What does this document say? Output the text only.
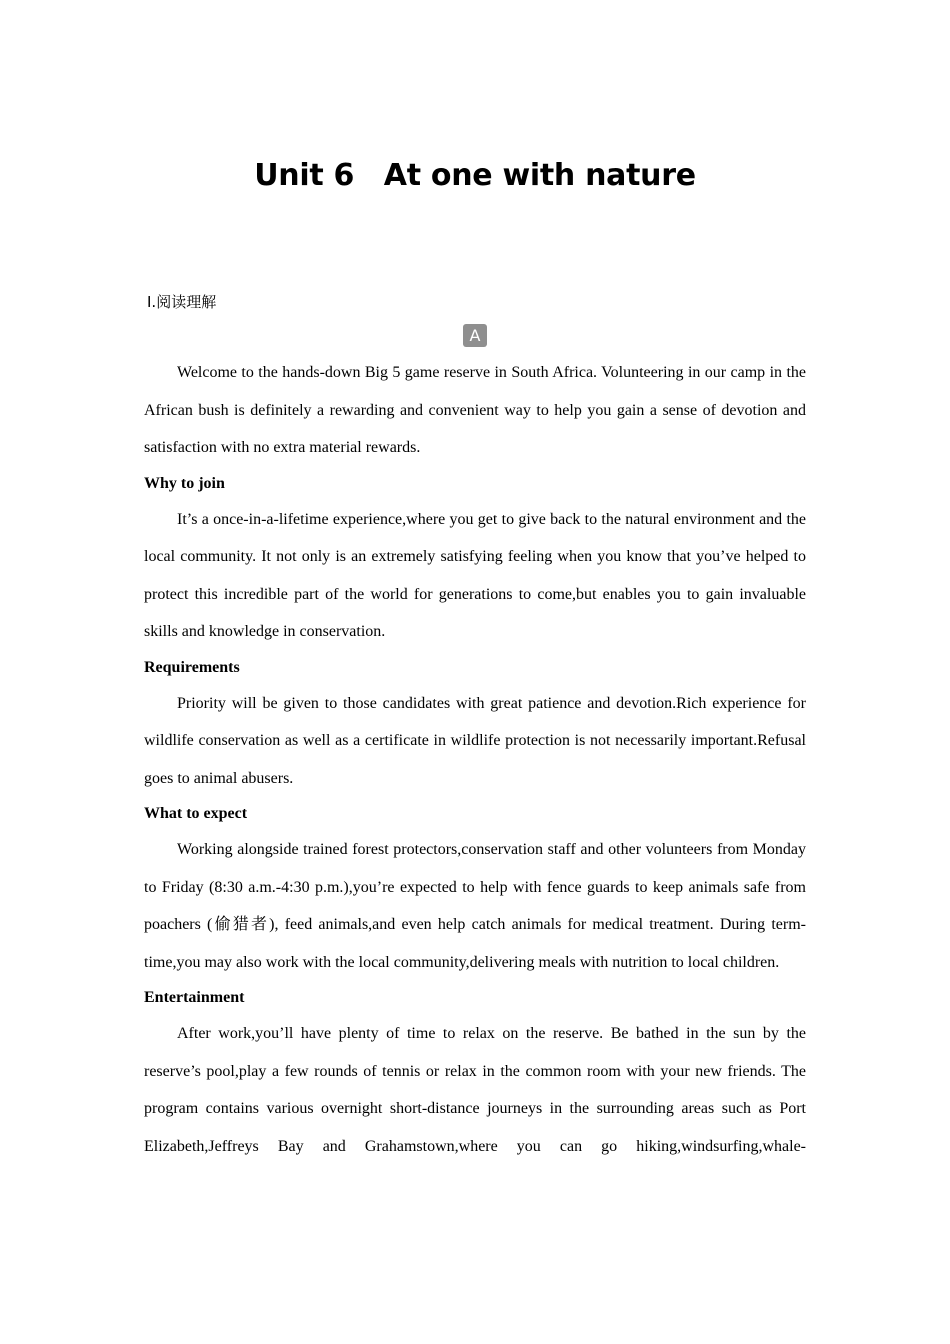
Unit 6　At one with nature
Ⅰ.阅读理解
A

Welcome to the hands-down Big 5 game reserve in South Africa. Volunteering in our camp in the African bush is definitely a rewarding and convenient way to help you gain a sense of devotion and satisfaction with no extra material rewards.

Why to join

It’s a once-in-a-lifetime experience,where you get to give back to the natural environment and the local community. It not only is an extremely satisfying feeling when you know that you’ve helped to protect this incredible part of the world for generations to come,but enables you to gain invaluable skills and knowledge in conservation.

Requirements

Priority will be given to those candidates with great patience and devotion.Rich experience for wildlife conservation as well as a certificate in wildlife protection is not necessarily important.Refusal goes to animal abusers.

What to expect

Working alongside trained forest protectors,conservation staff and other volunteers from Monday to Friday (8:30 a.m.-4:30 p.m.),you’re expected to help with fence guards to keep animals safe from poachers (偷猎者), feed animals,and even help catch animals for medical treatment. During term-time,you may also work with the local community,delivering meals with nutrition to local children.

Entertainment

After work,you’ll have plenty of time to relax on the reserve. Be bathed in the sun by the reserve’s pool,play a few rounds of tennis or relax in the common room with your new friends. The program contains various overnight short-distance journeys in the surrounding areas such as Port Elizabeth,Jeffreys Bay and Grahamstown,where you can go hiking,windsurfing,whale-
